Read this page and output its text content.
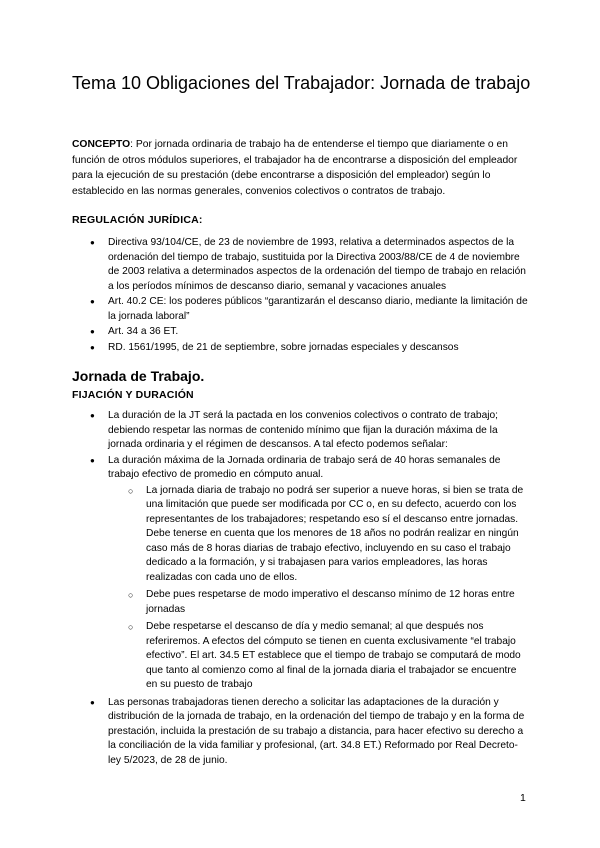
Tema 10 Obligaciones del Trabajador: Jornada de trabajo

CONCEPTO: Por jornada ordinaria de trabajo ha de entenderse el tiempo que diariamente o en función de otros módulos superiores, el trabajador ha de encontrarse a disposición del empleador para la ejecución de su prestación (debe encontrarse a disposición del empleador) según lo establecido en las normas generales, convenios colectivos o contratos de trabajo.

REGULACIÓN JURÍDICA:
● Directiva 93/104/CE, de 23 de noviembre de 1993, relativa a determinados aspectos de la ordenación del tiempo de trabajo, sustituida por la Directiva 2003/88/CE de 4 de noviembre de 2003 relativa a determinados aspectos de la ordenación del tiempo de trabajo en relación a los períodos mínimos de descanso diario, semanal y vacaciones anuales
● Art. 40.2 CE: los poderes públicos “garantizarán el descanso diario, mediante la limitación de la jornada laboral”
● Art. 34 a 36 ET.
● RD. 1561/1995, de 21 de septiembre, sobre jornadas especiales y descansos
Jornada de Trabajo.
FIJACIÓN Y DURACIÓN
● La duración de la JT será la pactada en los convenios colectivos o contrato de trabajo; debiendo respetar las normas de contenido mínimo que fijan la duración máxima de la jornada ordinaria y el régimen de descansos. A tal efecto podemos señalar:
● La duración máxima de la Jornada ordinaria de trabajo será de 40 horas semanales de trabajo efectivo de promedio en cómputo anual.
○ La jornada diaria de trabajo no podrá ser superior a nueve horas, si bien se trata de una limitación que puede ser modificada por CC o, en su defecto, acuerdo con los representantes de los trabajadores; respetando eso sí el descanso entre jornadas. Debe tenerse en cuenta que los menores de 18 años no podrán realizar en ningún caso más de 8 horas diarias de trabajo efectivo, incluyendo en su caso el trabajo dedicado a la formación, y si trabajasen para varios empleadores, las horas realizadas con cada uno de ellos.
○ Debe pues respetarse de modo imperativo el descanso mínimo de 12 horas entre jornadas
○ Debe respetarse el descanso de día y medio semanal; al que después nos referiremos. A efectos del cómputo se tienen en cuenta exclusivamente “el trabajo efectivo”. El art. 34.5 ET establece que el tiempo de trabajo se computará de modo que tanto al comienzo como al final de la jornada diaria el trabajador se encuentre en su puesto de trabajo
● Las personas trabajadoras tienen derecho a solicitar las adaptaciones de la duración y distribución de la jornada de trabajo, en la ordenación del tiempo de trabajo y en la forma de prestación, incluida la prestación de su trabajo a distancia, para hacer efectivo su derecho a la conciliación de la vida familiar y profesional, (art. 34.8 ET.) Reformado por Real Decreto-ley 5/2023, de 28 de junio.
1
